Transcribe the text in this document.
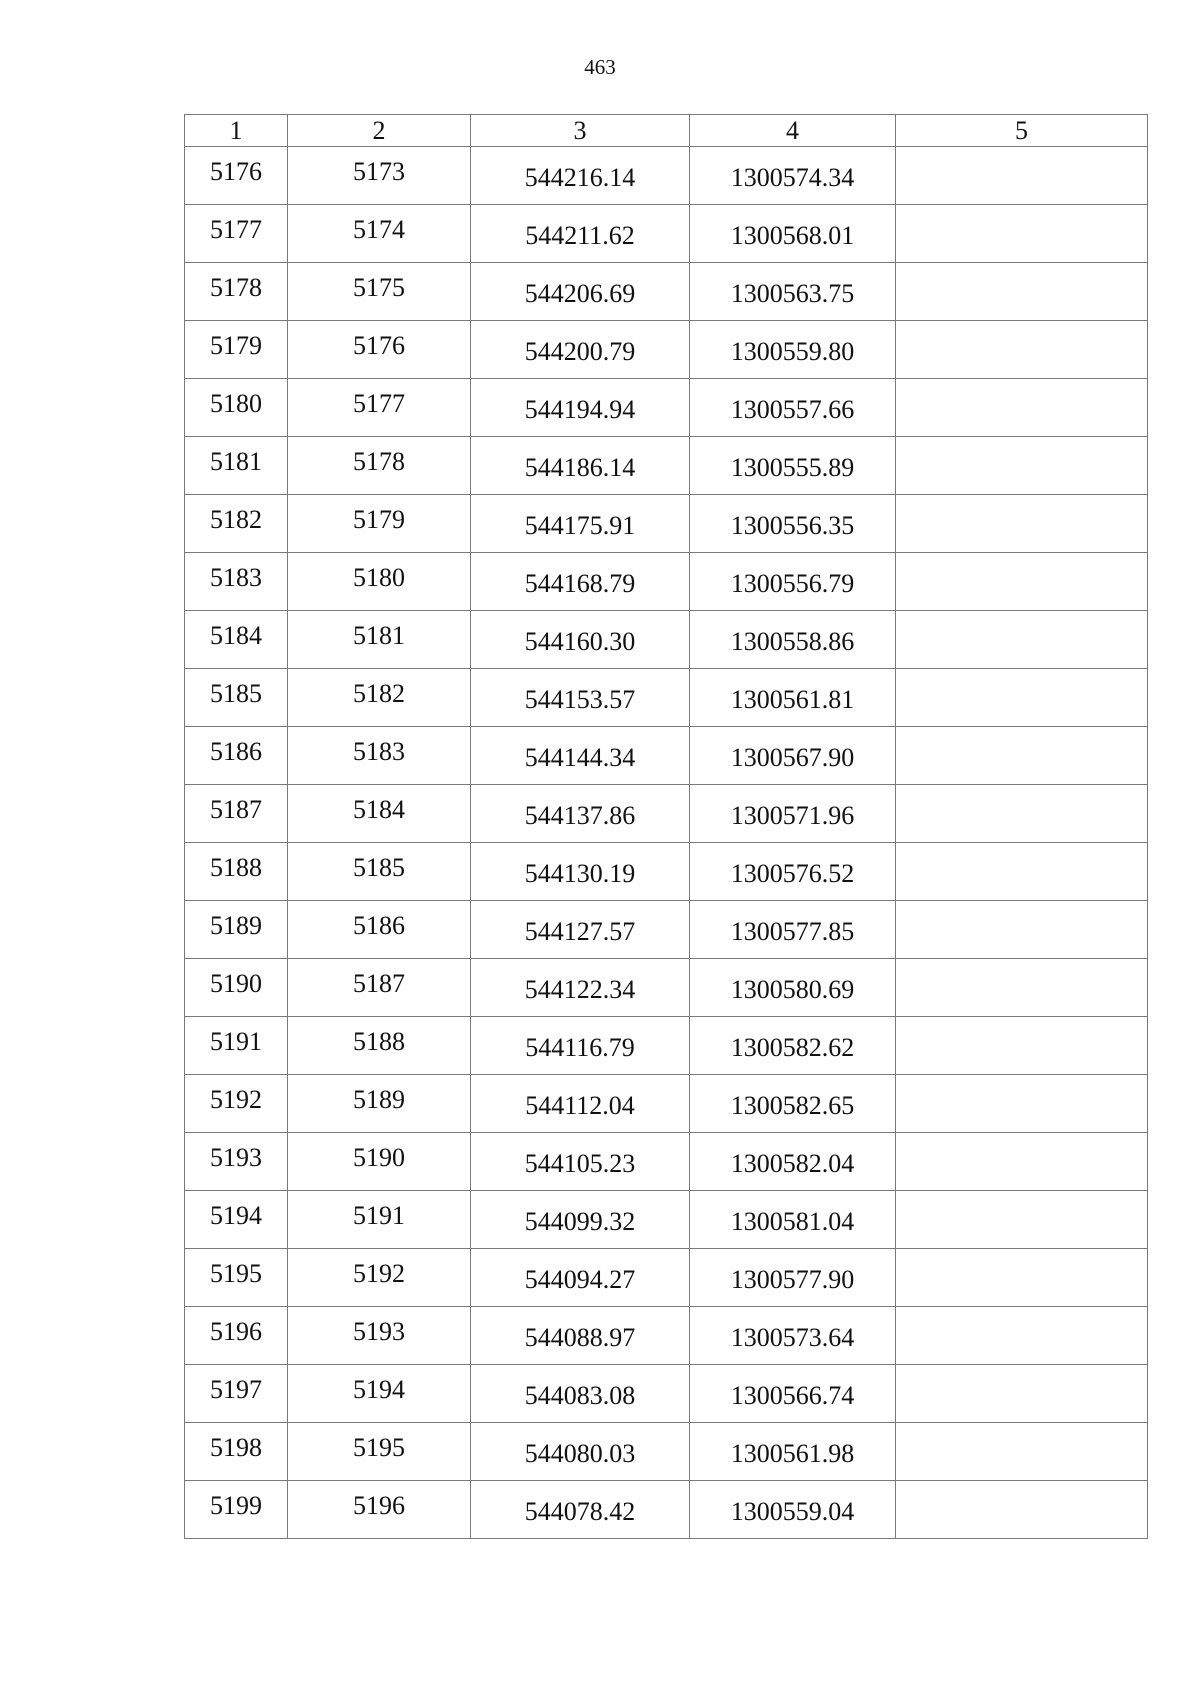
463
1	2	3	4	5
5176	5173	544216.14	1300574.34	
5177	5174	544211.62	1300568.01	
5178	5175	544206.69	1300563.75	
5179	5176	544200.79	1300559.80	
5180	5177	544194.94	1300557.66	
5181	5178	544186.14	1300555.89	
5182	5179	544175.91	1300556.35	
5183	5180	544168.79	1300556.79	
5184	5181	544160.30	1300558.86	
5185	5182	544153.57	1300561.81	
5186	5183	544144.34	1300567.90	
5187	5184	544137.86	1300571.96	
5188	5185	544130.19	1300576.52	
5189	5186	544127.57	1300577.85	
5190	5187	544122.34	1300580.69	
5191	5188	544116.79	1300582.62	
5192	5189	544112.04	1300582.65	
5193	5190	544105.23	1300582.04	
5194	5191	544099.32	1300581.04	
5195	5192	544094.27	1300577.90	
5196	5193	544088.97	1300573.64	
5197	5194	544083.08	1300566.74	
5198	5195	544080.03	1300561.98	
5199	5196	544078.42	1300559.04	
